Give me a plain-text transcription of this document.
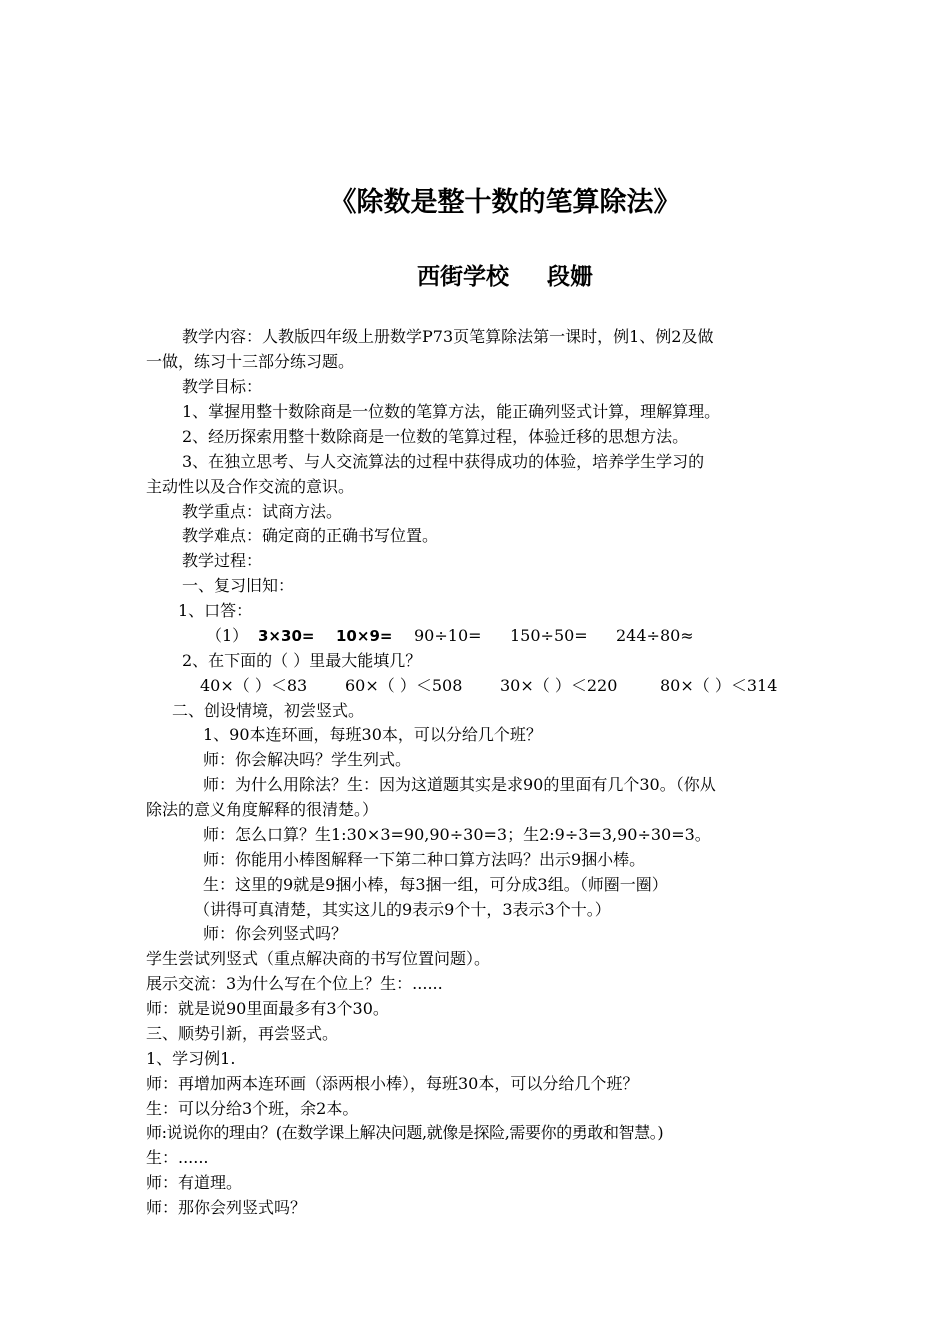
《除数是整十数的笔算除法》
西街学校 段姗
教学内容：人教版四年级上册数学P73页笔算除法第一课时，例1、例2及做
一做，练习十三部分练习题。
教学目标：
1、掌握用整十数除商是一位数的笔算方法，能正确列竖式计算，理解算理。
2、经历探索用整十数除商是一位数的笔算过程，体验迁移的思想方法。
3、在独立思考、与人交流算法的过程中获得成功的体验，培养学生学习的
主动性以及合作交流的意识。
教学重点：试商方法。
教学难点：确定商的正确书写位置。
教学过程：
一、复习旧知：
1、口答：
（1） 3×30= 10×9= 90÷10= 150÷50= 244÷80≈
2、在下面的（ ）里最大能填几？
40×（ ）＜83 60×（ ）＜508 30×（ ）＜220	80×（ ）＜314
二、创设情境，初尝竖式。
1、90本连环画，每班30本，可以分给几个班？
师：你会解决吗？学生列式。
师：为什么用除法？生：因为这道题其实是求90的里面有几个30。（你从
除法的意义角度解释的很清楚。）
师：怎么口算？生1:30×3=90,90÷30=3；生2:9÷3=3,90÷30=3。
师：你能用小棒图解释一下第二种口算方法吗？出示9捆小棒。
生：这里的9就是9捆小棒，每3捆一组，可分成3组。（师圈一圈）
（讲得可真清楚，其实这儿的9表示9个十，3表示3个十。）
师：你会列竖式吗？
学生尝试列竖式（重点解决商的书写位置问题）。
展示交流：3为什么写在个位上？生：......
师：就是说90里面最多有3个30。
三、顺势引新，再尝竖式。
1、学习例1.
师：再增加两本连环画（添两根小棒），每班30本，可以分给几个班？
生：可以分给3个班，余2本。
师:说说你的理由？(在数学课上解决问题,就像是探险,需要你的勇敢和智慧。)
生：......
师：有道理。
师：那你会列竖式吗？
